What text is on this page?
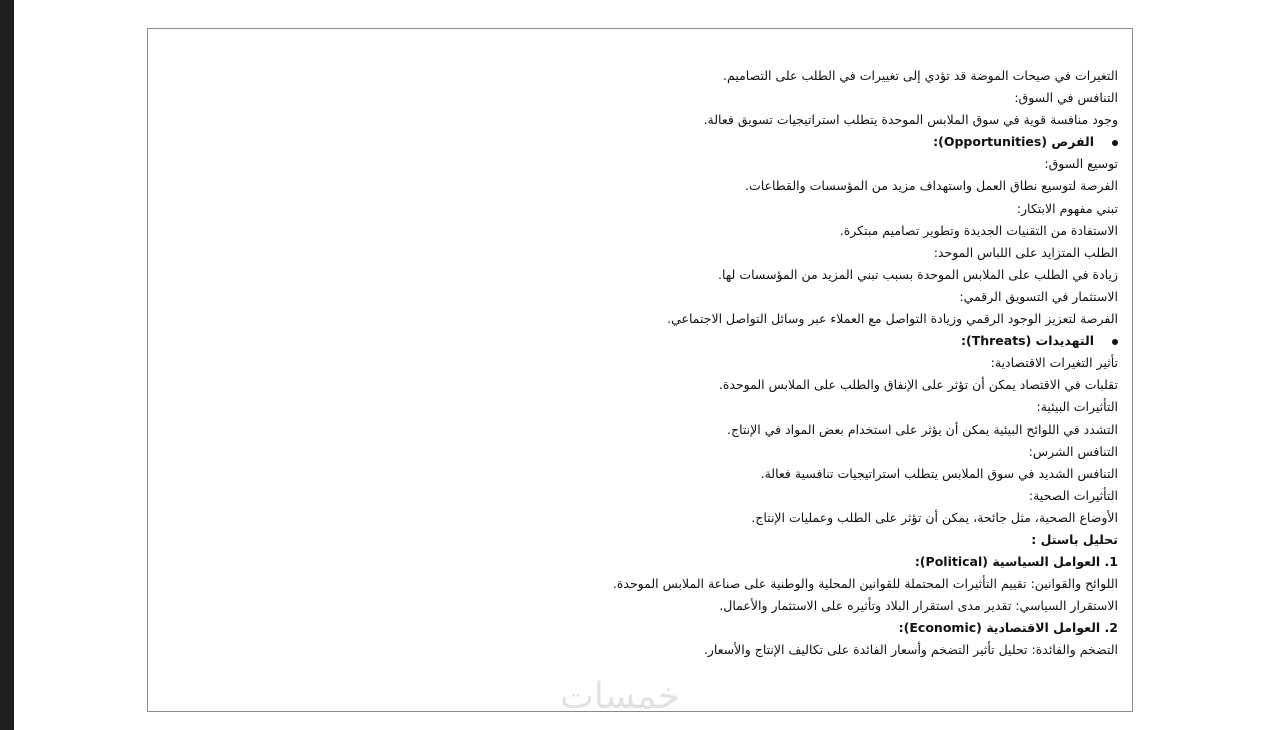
التغيرات في صيحات الموضة قد تؤدي إلى تغييرات في الطلب على التصاميم.
التنافس في السوق:
وجود منافسة قوية في سوق الملابس الموحدة يتطلب استراتيجيات تسويق فعالة.
الفرص (Opportunities):
توسيع السوق:
الفرصة لتوسيع نطاق العمل واستهداف مزيد من المؤسسات والقطاعات.
تبني مفهوم الابتكار:
الاستفادة من التقنيات الجديدة وتطوير تصاميم مبتكرة.
الطلب المتزايد على اللباس الموحد:
زيادة في الطلب على الملابس الموحدة بسبب تبني المزيد من المؤسسات لها.
الاستثمار في التسويق الرقمي:
الفرصة لتعزيز الوجود الرقمي وزيادة التواصل مع العملاء عبر وسائل التواصل الاجتماعي.
التهديدات (Threats):
تأثير التغيرات الاقتصادية:
تقلبات في الاقتصاد يمكن أن تؤثر على الإنفاق والطلب على الملابس الموحدة.
التأثيرات البيئية:
التشدد في اللوائح البيئية يمكن أن يؤثر على استخدام بعض المواد في الإنتاج.
التنافس الشرس:
التنافس الشديد في سوق الملابس يتطلب استراتيجيات تنافسية فعالة.
التأثيرات الصحية:
الأوضاع الصحية، مثل جائحة، يمكن أن تؤثر على الطلب وعمليات الإنتاج.
تحليل باستل :
1. العوامل السياسية (Political):
اللوائح والقوانين: تقييم التأثيرات المحتملة للقوانين المحلية والوطنية على صناعة الملابس الموحدة.
الاستقرار السياسي: تقدير مدى استقرار البلاد وتأثيره على الاستثمار والأعمال.
2. العوامل الاقتصادية (Economic):
التضخم والفائدة: تحليل تأثير التضخم وأسعار الفائدة على تكاليف الإنتاج والأسعار.
خمسات
